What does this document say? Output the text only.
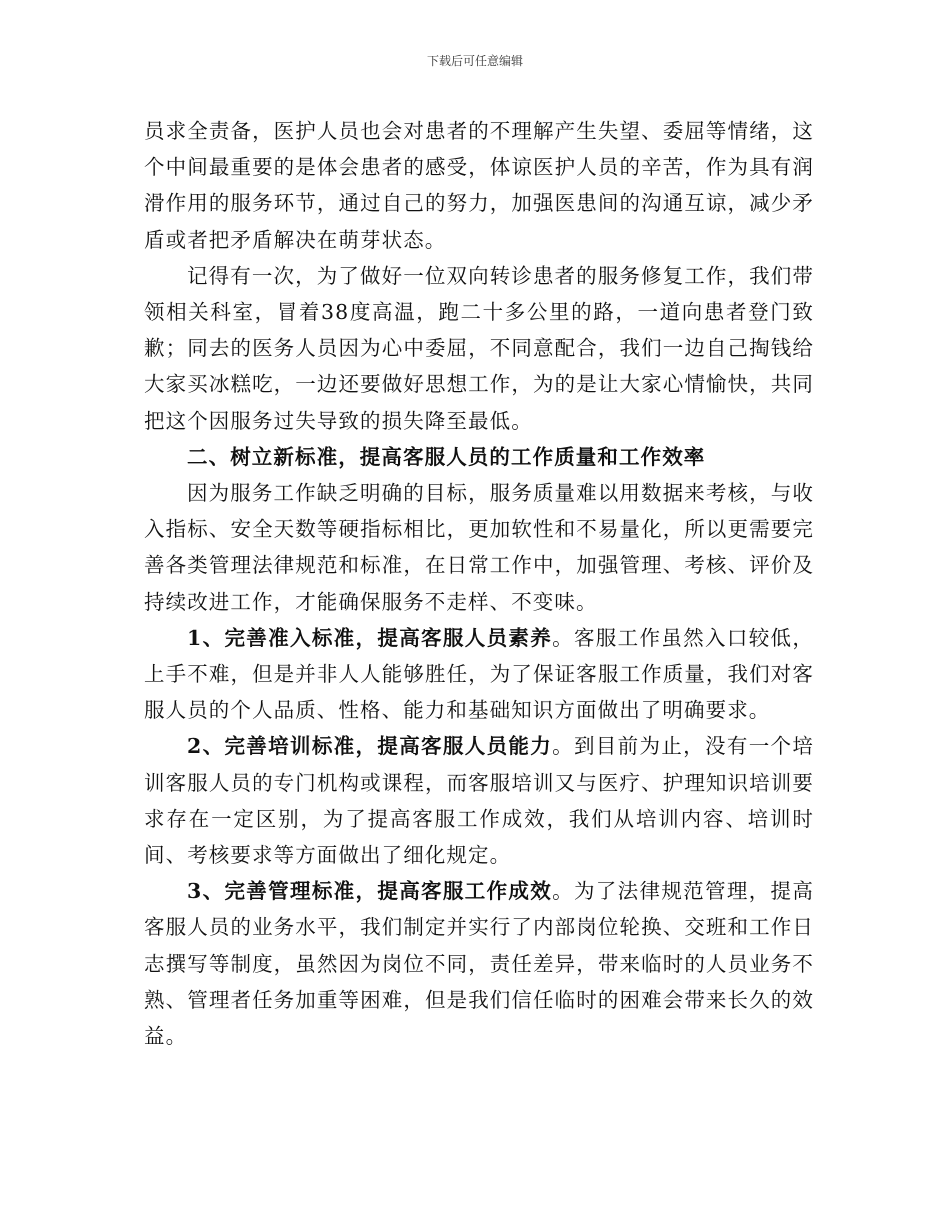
下载后可任意编辑

员求全责备，医护人员也会对患者的不理解产生失望、委屈等情绪，这个中间最重要的是体会患者的感受，体谅医护人员的辛苦，作为具有润滑作用的服务环节，通过自己的努力，加强医患间的沟通互谅，减少矛盾或者把矛盾解决在萌芽状态。

记得有一次，为了做好一位双向转诊患者的服务修复工作，我们带领相关科室，冒着38度高温，跑二十多公里的路，一道向患者登门致歉；同去的医务人员因为心中委屈，不同意配合，我们一边自己掏钱给大家买冰糕吃，一边还要做好思想工作，为的是让大家心情愉快，共同把这个因服务过失导致的损失降至最低。

二、树立新标准，提高客服人员的工作质量和工作效率

因为服务工作缺乏明确的目标，服务质量难以用数据来考核，与收入指标、安全天数等硬指标相比，更加软性和不易量化，所以更需要完善各类管理法律规范和标准，在日常工作中，加强管理、考核、评价及持续改进工作，才能确保服务不走样、不变味。

1、完善准入标准，提高客服人员素养。客服工作虽然入口较低，上手不难，但是并非人人能够胜任，为了保证客服工作质量，我们对客服人员的个人品质、性格、能力和基础知识方面做出了明确要求。

2、完善培训标准，提高客服人员能力。到目前为止，没有一个培训客服人员的专门机构或课程，而客服培训又与医疗、护理知识培训要求存在一定区别，为了提高客服工作成效，我们从培训内容、培训时间、考核要求等方面做出了细化规定。

3、完善管理标准，提高客服工作成效。为了法律规范管理，提高客服人员的业务水平，我们制定并实行了内部岗位轮换、交班和工作日志撰写等制度，虽然因为岗位不同，责任差异，带来临时的人员业务不熟、管理者任务加重等困难，但是我们信任临时的困难会带来长久的效益。
